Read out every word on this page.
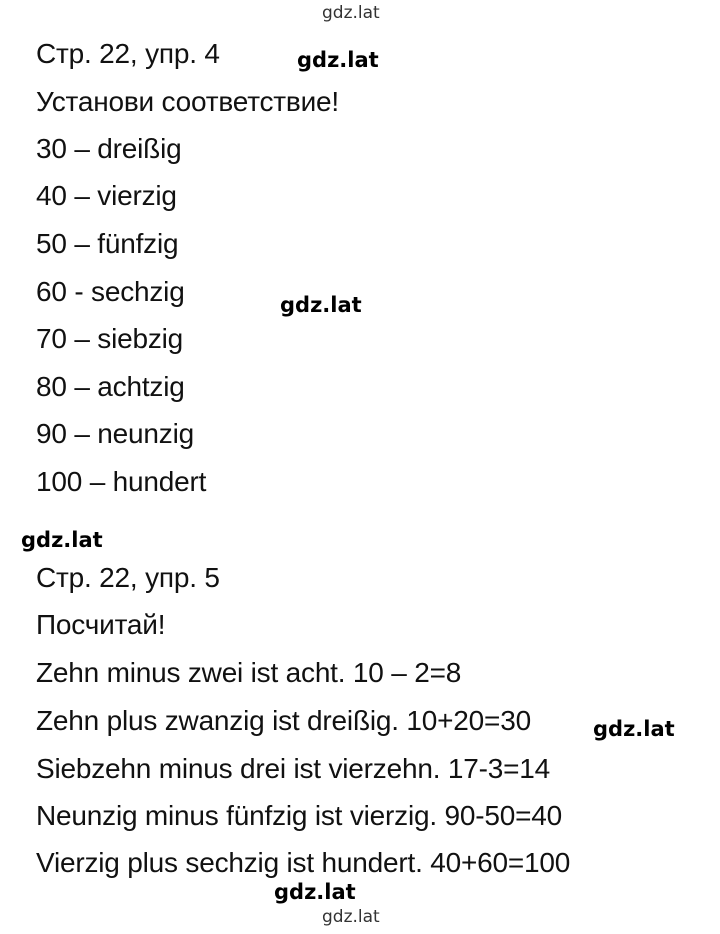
gdz.lat
Стр. 22, упр. 4
Установи соответствие!
30 – dreißig
40 – vierzig
50 – fünfzig
60 - sechzig
70 – siebzig
80 – achtzig
90 – neunzig
100 – hundert
Стр. 22, упр. 5
Посчитай!
Zehn minus zwei ist acht. 10 – 2=8
Zehn plus zwanzig ist dreißig. 10+20=30
Siebzehn minus drei ist vierzehn. 17-3=14
Neunzig minus fünfzig ist vierzig. 90-50=40
Vierzig plus sechzig ist hundert. 40+60=100
gdz.lat
gdz.lat
gdz.lat
gdz.lat
gdz.lat
gdz.lat
